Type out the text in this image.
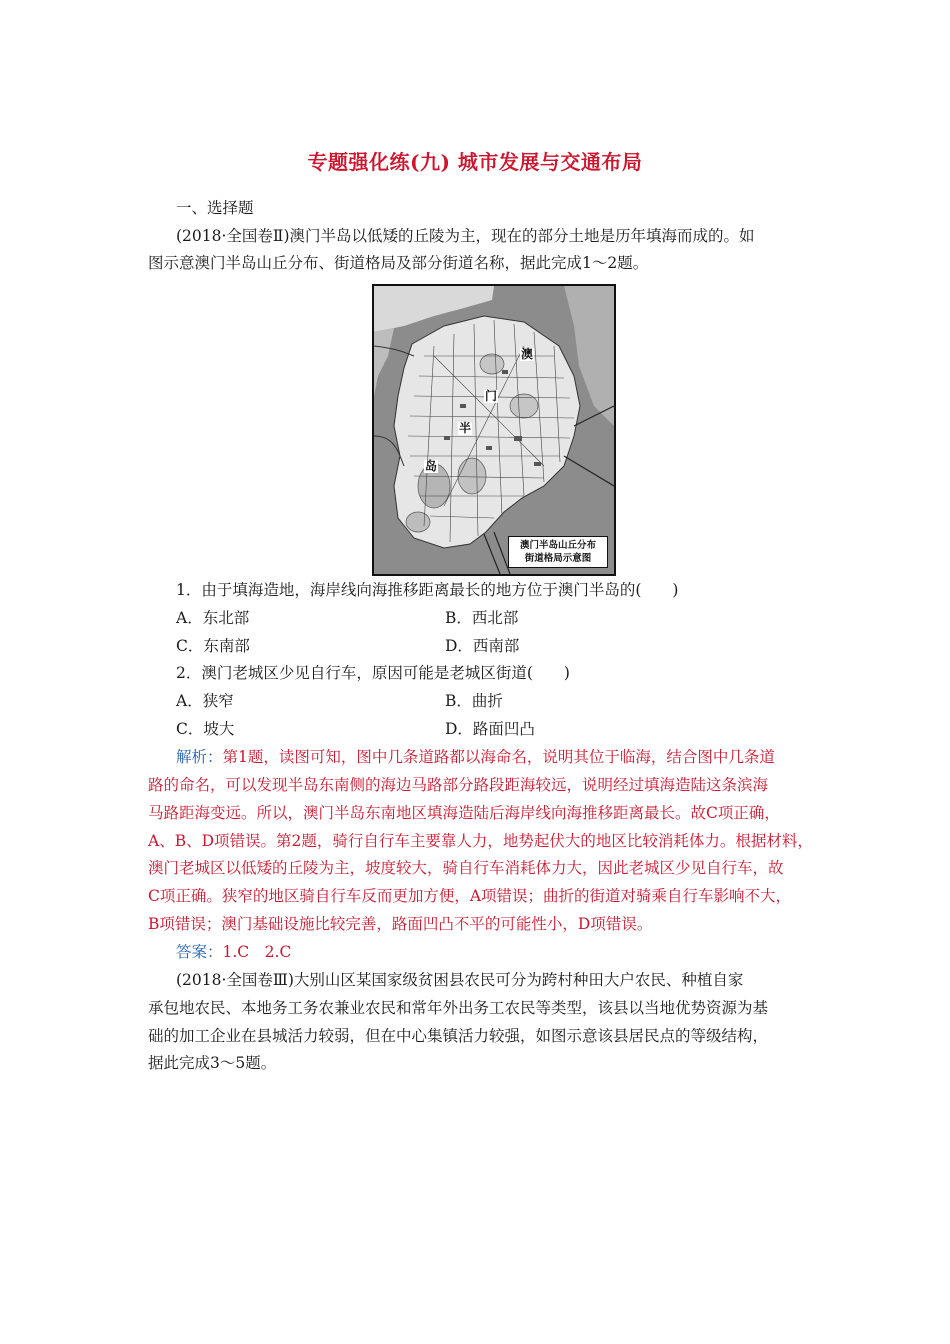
专题强化练(九) 城市发展与交通布局
一、选择题
(2018·全国卷Ⅱ)澳门半岛以低矮的丘陵为主，现在的部分土地是历年填海而成的。如
图示意澳门半岛山丘分布、街道格局及部分街道名称，据此完成1～2题。
澳
门
半
岛
澳门半岛山丘分布
街道格局示意图
1．由于填海造地，海岸线向海推移距离最长的地方位于澳门半岛的(　　)
A．东北部	B．西北部
C．东南部	D．西南部
2．澳门老城区少见自行车，原因可能是老城区街道(　　)
A．狭窄	B．曲折
C．坡大	D．路面凹凸
解析：第1题，读图可知，图中几条道路都以海命名，说明其位于临海，结合图中几条道
路的命名，可以发现半岛东南侧的海边马路部分路段距海较远，说明经过填海造陆这条滨海
马路距海变远。所以，澳门半岛东南地区填海造陆后海岸线向海推移距离最长。故C项正确，
A、B、D项错误。第2题，骑行自行车主要靠人力，地势起伏大的地区比较消耗体力。根据材料，
澳门老城区以低矮的丘陵为主，坡度较大，骑自行车消耗体力大，因此老城区少见自行车，故
C项正确。狭窄的地区骑自行车反而更加方便，A项错误；曲折的街道对骑乘自行车影响不大，
B项错误；澳门基础设施比较完善，路面凹凸不平的可能性小，D项错误。
答案：1.C　2.C
(2018·全国卷Ⅲ)大别山区某国家级贫困县农民可分为跨村种田大户农民、种植自家
承包地农民、本地务工务农兼业农民和常年外出务工农民等类型，该县以当地优势资源为基
础的加工企业在县城活力较弱，但在中心集镇活力较强，如图示意该县居民点的等级结构，
据此完成3～5题。
